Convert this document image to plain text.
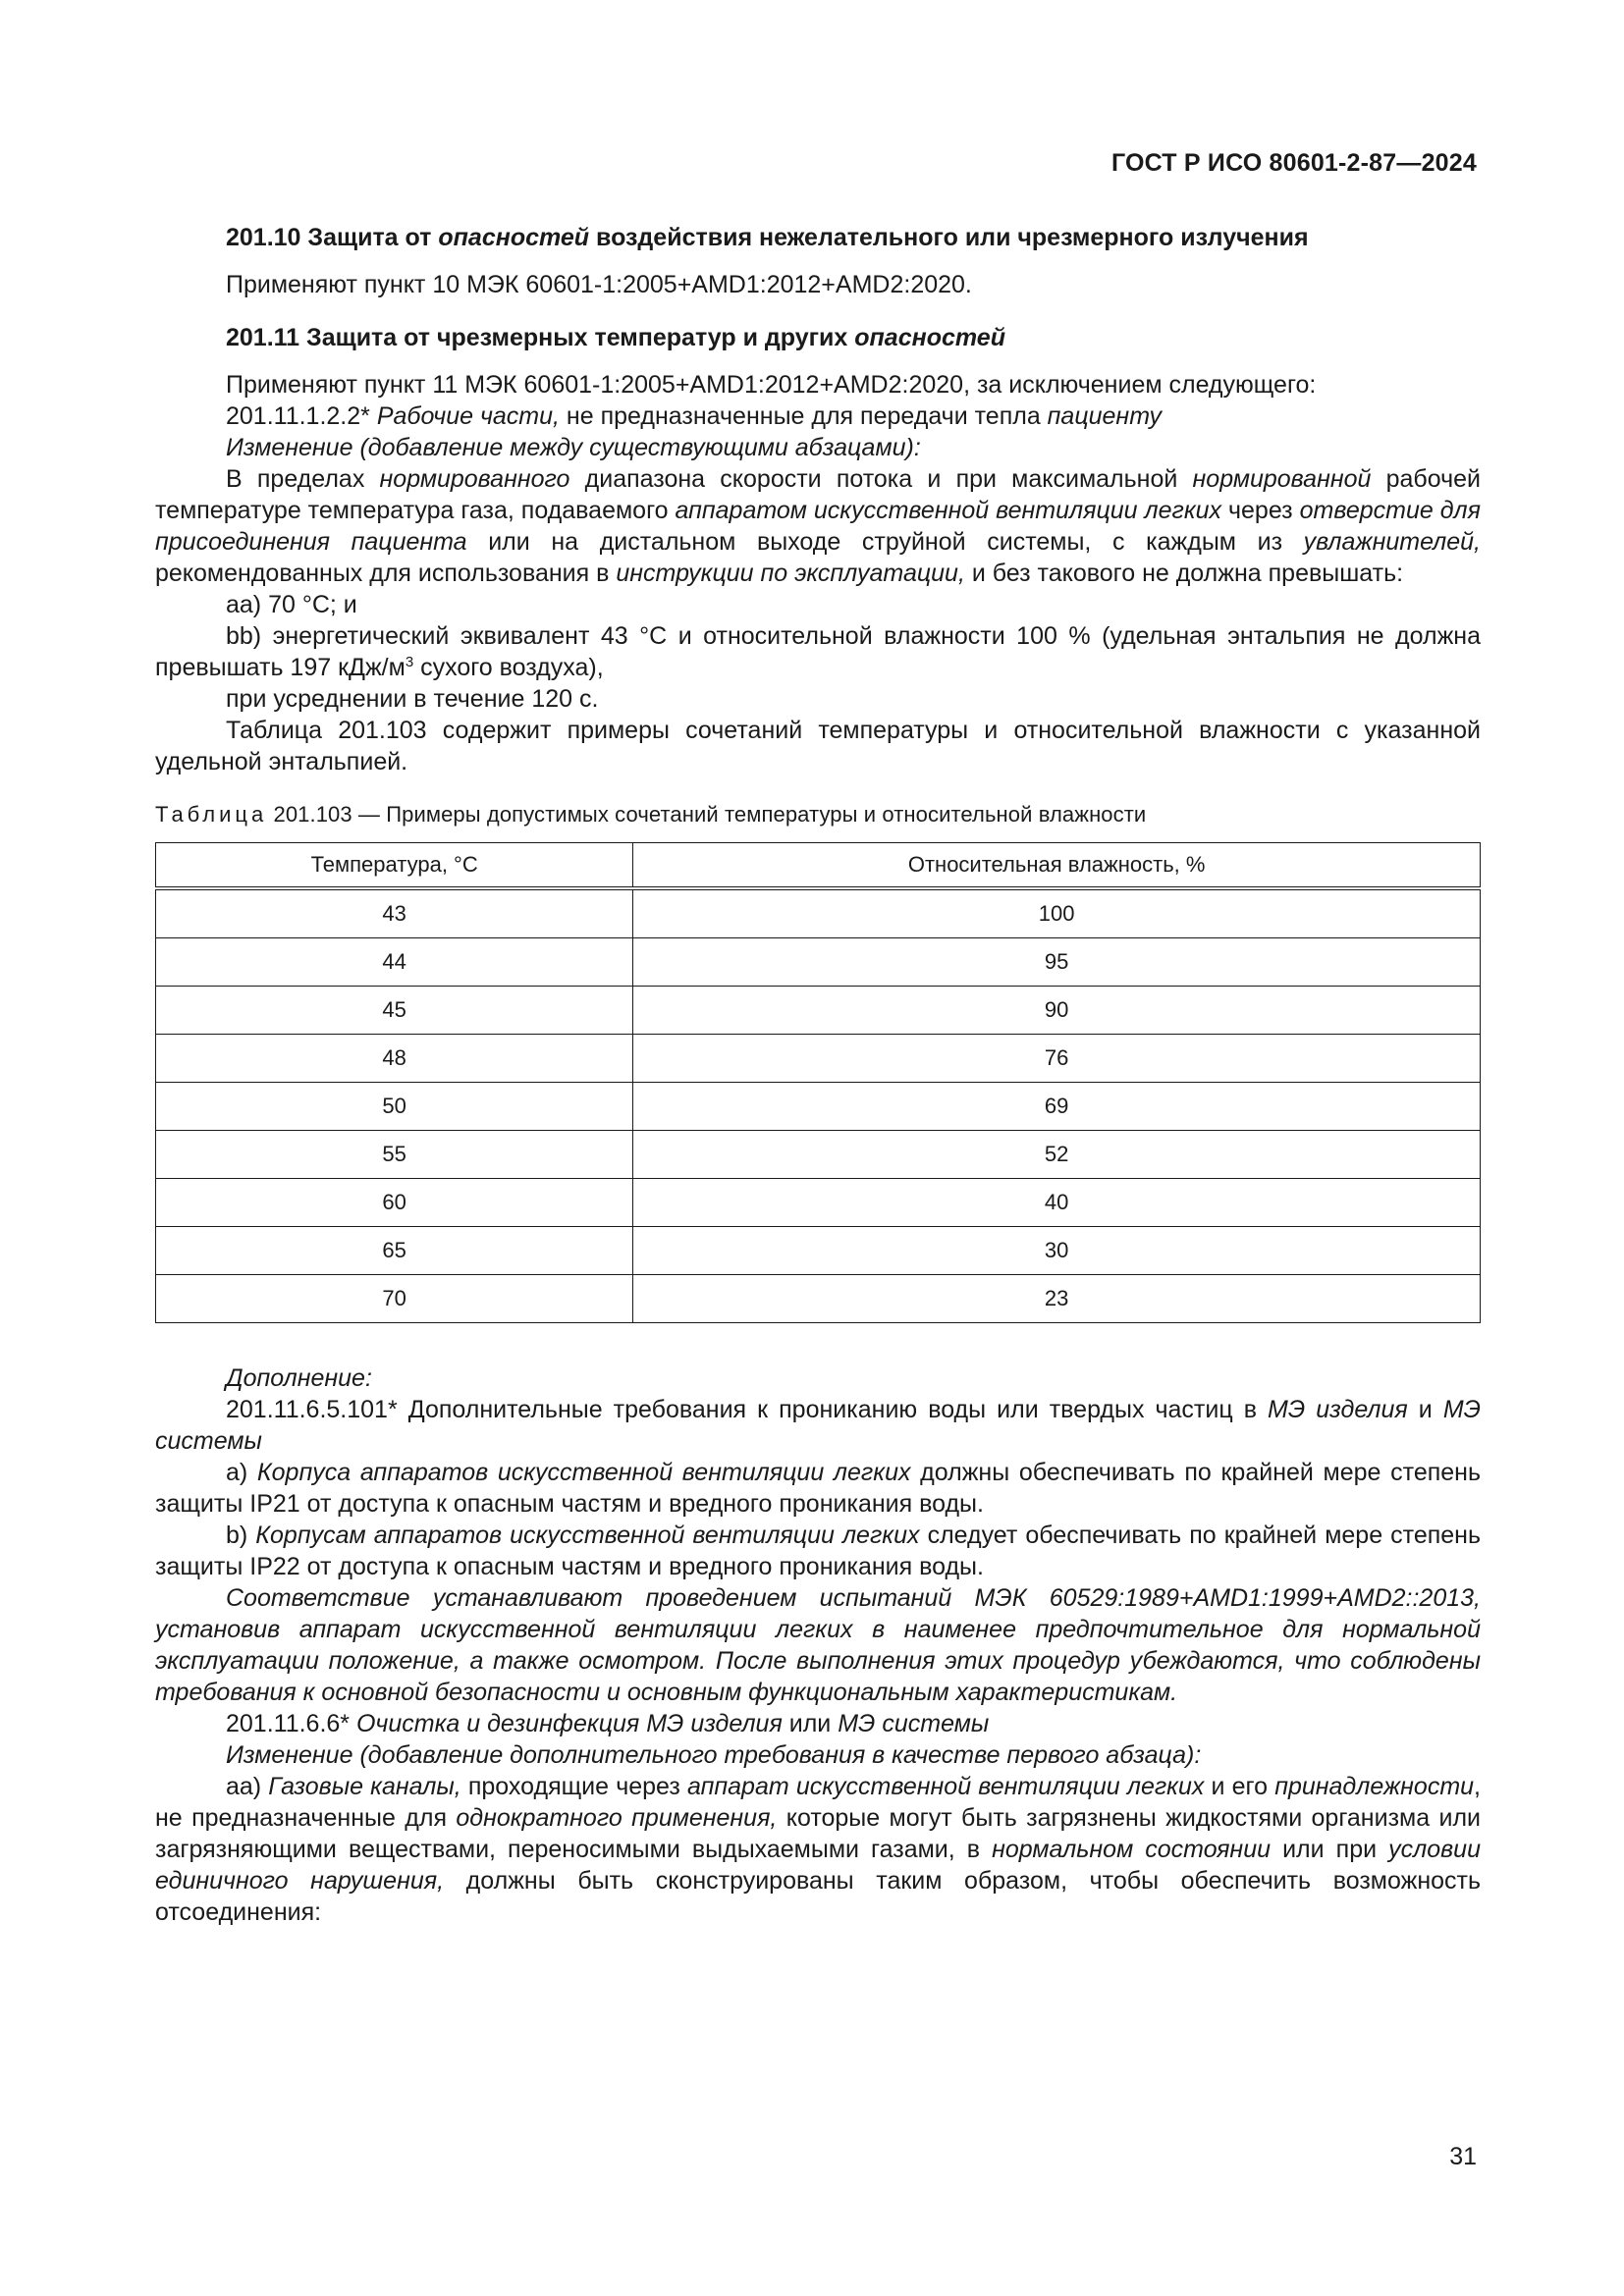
ГОСТ Р ИСО 80601-2-87—2024

201.10 Защита от опасностей воздействия нежелательного или чрезмерного излучения

Применяют пункт 10 МЭК 60601-1:2005+AMD1:2012+AMD2:2020.

201.11 Защита от чрезмерных температур и других опасностей

Применяют пункт 11 МЭК 60601-1:2005+AMD1:2012+AMD2:2020, за исключением следующего:

201.11.1.2.2* Рабочие части, не предназначенные для передачи тепла пациенту

Изменение (добавление между существующими абзацами):

В пределах нормированного диапазона скорости потока и при максимальной нормированной рабочей температуре температура газа, подаваемого аппаратом искусственной вентиляции легких через отверстие для присоединения пациента или на дистальном выходе струйной системы, с каждым из увлажнителей, рекомендованных для использования в инструкции по эксплуатации, и без такового не должна превышать:

aa) 70 °C; и

bb) энергетический эквивалент 43 °C и относительной влажности 100 % (удельная энтальпия не должна превышать 197 кДж/$м^3$ сухого воздуха),

при усреднении в течение 120 с.

Таблица 201.103 содержит примеры сочетаний температуры и относительной влажности с указанной удельной энтальпией.

Таблица 201.103 — Примеры допустимых сочетаний температуры и относительной влажности

Температура, °C	Относительная влажность, %
43	100
44	95
45	90
48	76
50	69
55	52
60	40
65	30
70	23

Дополнение:

201.11.6.5.101* Дополнительные требования к прониканию воды или твердых частиц в МЭ изделия и МЭ системы

a) Корпуса аппаратов искусственной вентиляции легких должны обеспечивать по крайней мере степень защиты IP21 от доступа к опасным частям и вредного проникания воды.

b) Корпусам аппаратов искусственной вентиляции легких следует обеспечивать по крайней мере степень защиты IP22 от доступа к опасным частям и вредного проникания воды.

Соответствие устанавливают проведением испытаний МЭК 60529:1989+AMD1:1999+AMD2::2013, установив аппарат искусственной вентиляции легких в наименее предпочтительное для нормальной эксплуатации положение, а также осмотром. После выполнения этих процедур убеждаются, что соблюдены требования к основной безопасности и основным функциональным характеристикам.

201.11.6.6* Очистка и дезинфекция МЭ изделия или МЭ системы

Изменение (добавление дополнительного требования в качестве первого абзаца):

aa) Газовые каналы, проходящие через аппарат искусственной вентиляции легких и его принадлежности, не предназначенные для однократного применения, которые могут быть загрязнены жидкостями организма или загрязняющими веществами, переносимыми выдыхаемыми газами, в нормальном состоянии или при условии единичного нарушения, должны быть сконструированы таким образом, чтобы обеспечить возможность отсоединения:

31
